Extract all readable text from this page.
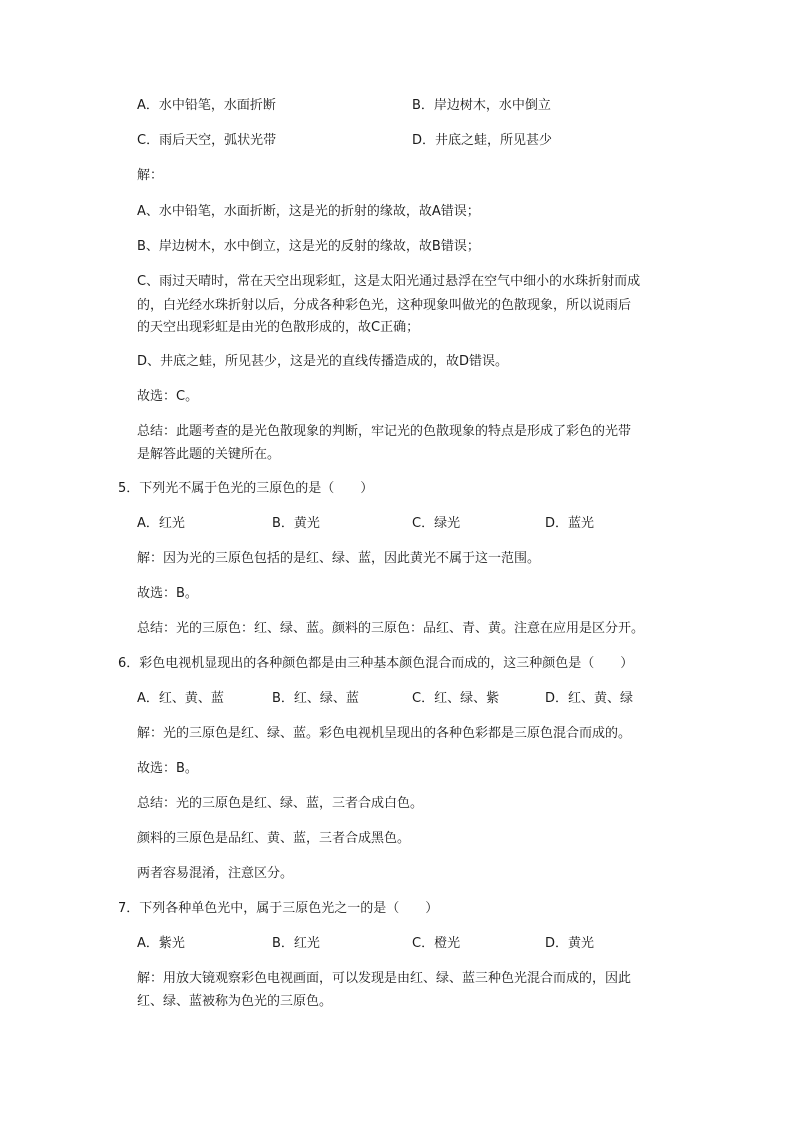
A．水中铅笔，水面折断	B．岸边树木，水中倒立
C．雨后天空，弧状光带	D．井底之蛙，所见甚少
解：
A、水中铅笔，水面折断，这是光的折射的缘故，故A错误；
B、岸边树木，水中倒立，这是光的反射的缘故，故B错误；
C、雨过天晴时，常在天空出现彩虹，这是太阳光通过悬浮在空气中细小的水珠折射而成
的，白光经水珠折射以后，分成各种彩色光，这种现象叫做光的色散现象，所以说雨后
的天空出现彩虹是由光的色散形成的，故C正确；
D、井底之蛙，所见甚少，这是光的直线传播造成的，故D错误。
故选：C。
总结：此题考查的是光色散现象的判断，牢记光的色散现象的特点是形成了彩色的光带
是解答此题的关键所在。
5．下列光不属于色光的三原色的是（　　）
A．红光	B．黄光	C．绿光	D．蓝光
解：因为光的三原色包括的是红、绿、蓝，因此黄光不属于这一范围。
故选：B。
总结：光的三原色：红、绿、蓝。颜料的三原色：品红、青、黄。注意在应用是区分开。
6．彩色电视机显现出的各种颜色都是由三种基本颜色混合而成的，这三种颜色是（　　）
A．红、黄、蓝	B．红、绿、蓝	C．红、绿、紫	D．红、黄、绿
解：光的三原色是红、绿、蓝。彩色电视机呈现出的各种色彩都是三原色混合而成的。
故选：B。
总结：光的三原色是红、绿、蓝，三者合成白色。
颜料的三原色是品红、黄、蓝，三者合成黑色。
两者容易混淆，注意区分。
7．下列各种单色光中，属于三原色光之一的是（　　）
A．紫光	B．红光	C．橙光	D．黄光
解：用放大镜观察彩色电视画面，可以发现是由红、绿、蓝三种色光混合而成的，因此
红、绿、蓝被称为色光的三原色。
